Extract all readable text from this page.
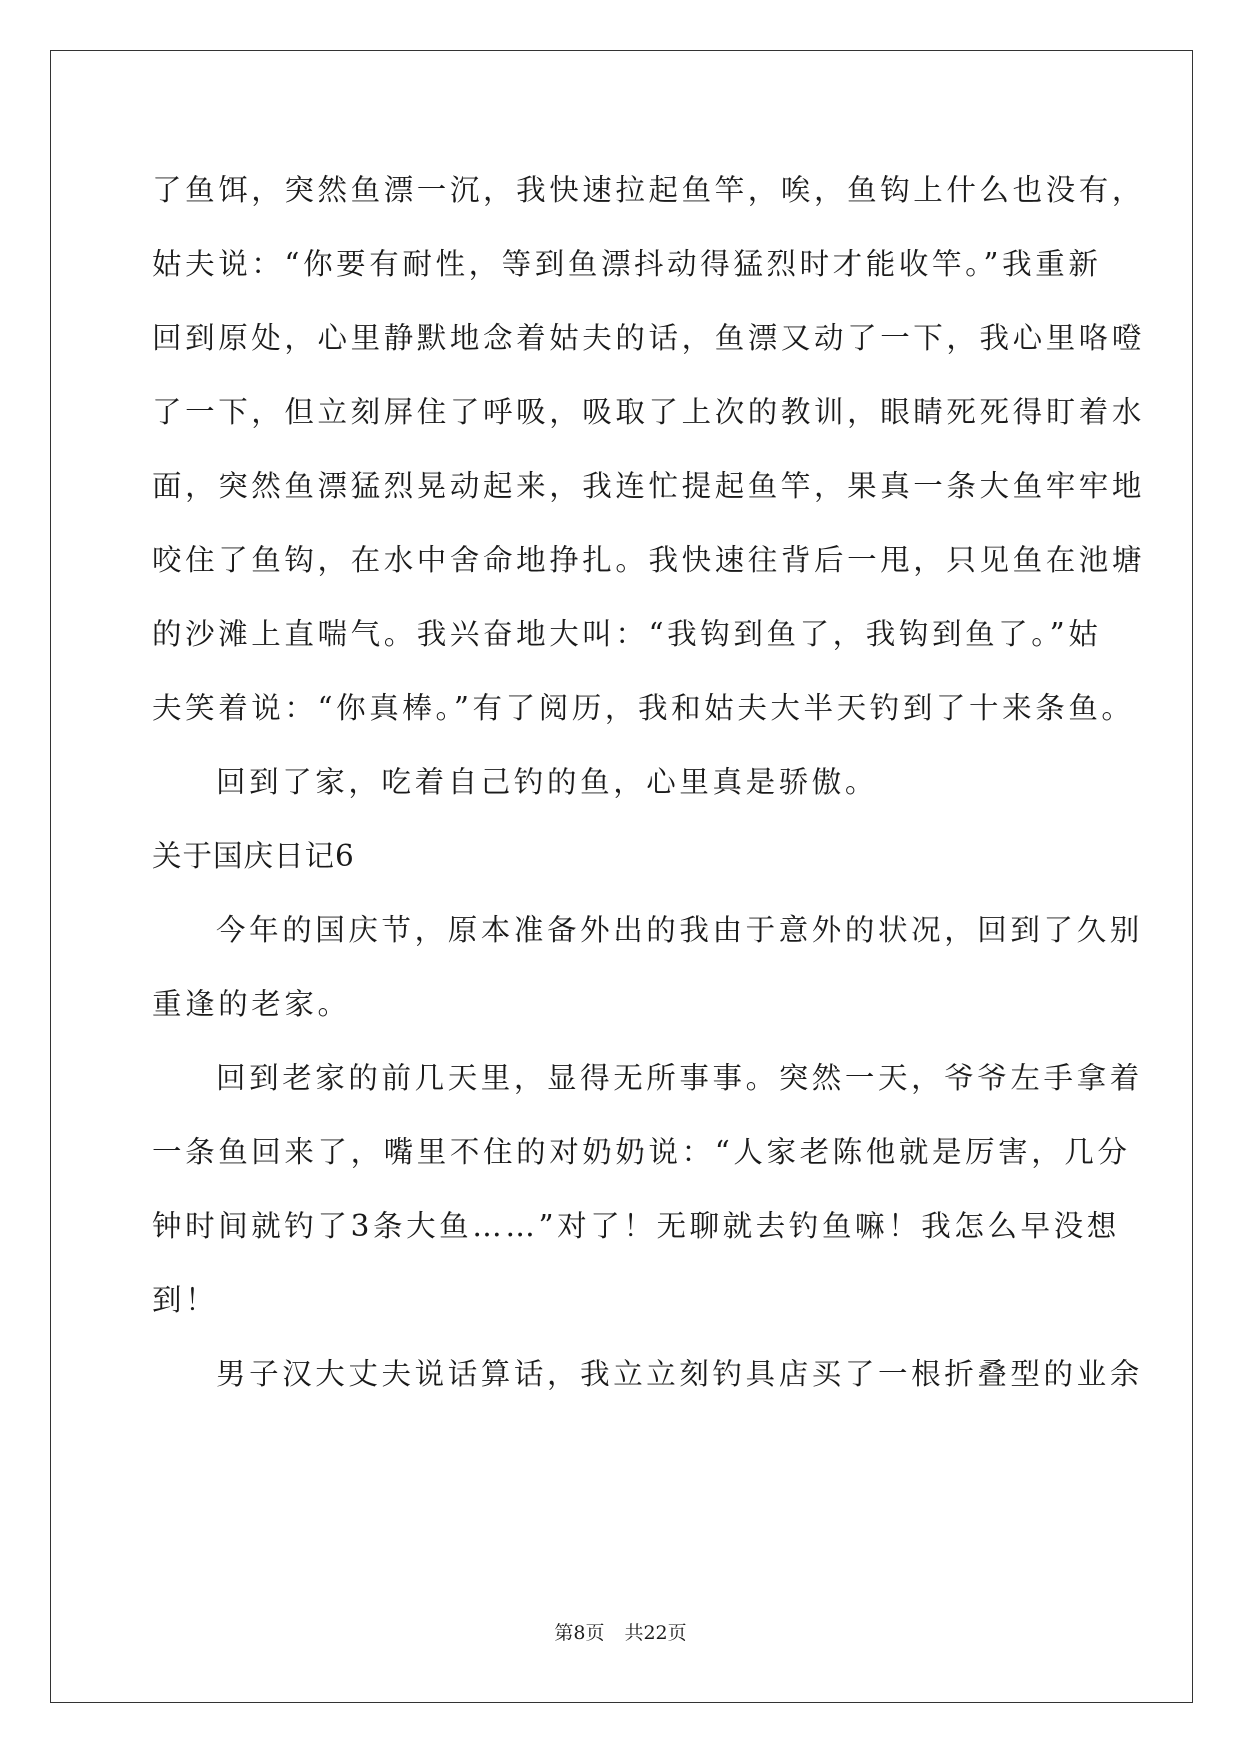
了鱼饵，突然鱼漂一沉，我快速拉起鱼竿，唉，鱼钩上什么也没有，
姑夫说：“你要有耐性，等到鱼漂抖动得猛烈时才能收竿。”我重新
回到原处，心里静默地念着姑夫的话，鱼漂又动了一下，我心里咯噔
了一下，但立刻屏住了呼吸，吸取了上次的教训，眼睛死死得盯着水
面，突然鱼漂猛烈晃动起来，我连忙提起鱼竿，果真一条大鱼牢牢地
咬住了鱼钩，在水中舍命地挣扎。我快速往背后一甩，只见鱼在池塘
的沙滩上直喘气。我兴奋地大叫：“我钩到鱼了，我钩到鱼了。”姑
夫笑着说：“你真棒。”有了阅历，我和姑夫大半天钓到了十来条鱼。
回到了家，吃着自己钓的鱼，心里真是骄傲。
关于国庆日记6
今年的国庆节，原本准备外出的我由于意外的状况，回到了久别
重逢的老家。
回到老家的前几天里，显得无所事事。突然一天，爷爷左手拿着
一条鱼回来了，嘴里不住的对奶奶说：“人家老陈他就是厉害，几分
钟时间就钓了3条大鱼……”对了！无聊就去钓鱼嘛！我怎么早没想
到！
男子汉大丈夫说话算话，我立立刻钓具店买了一根折叠型的业余
第8页 共22页
